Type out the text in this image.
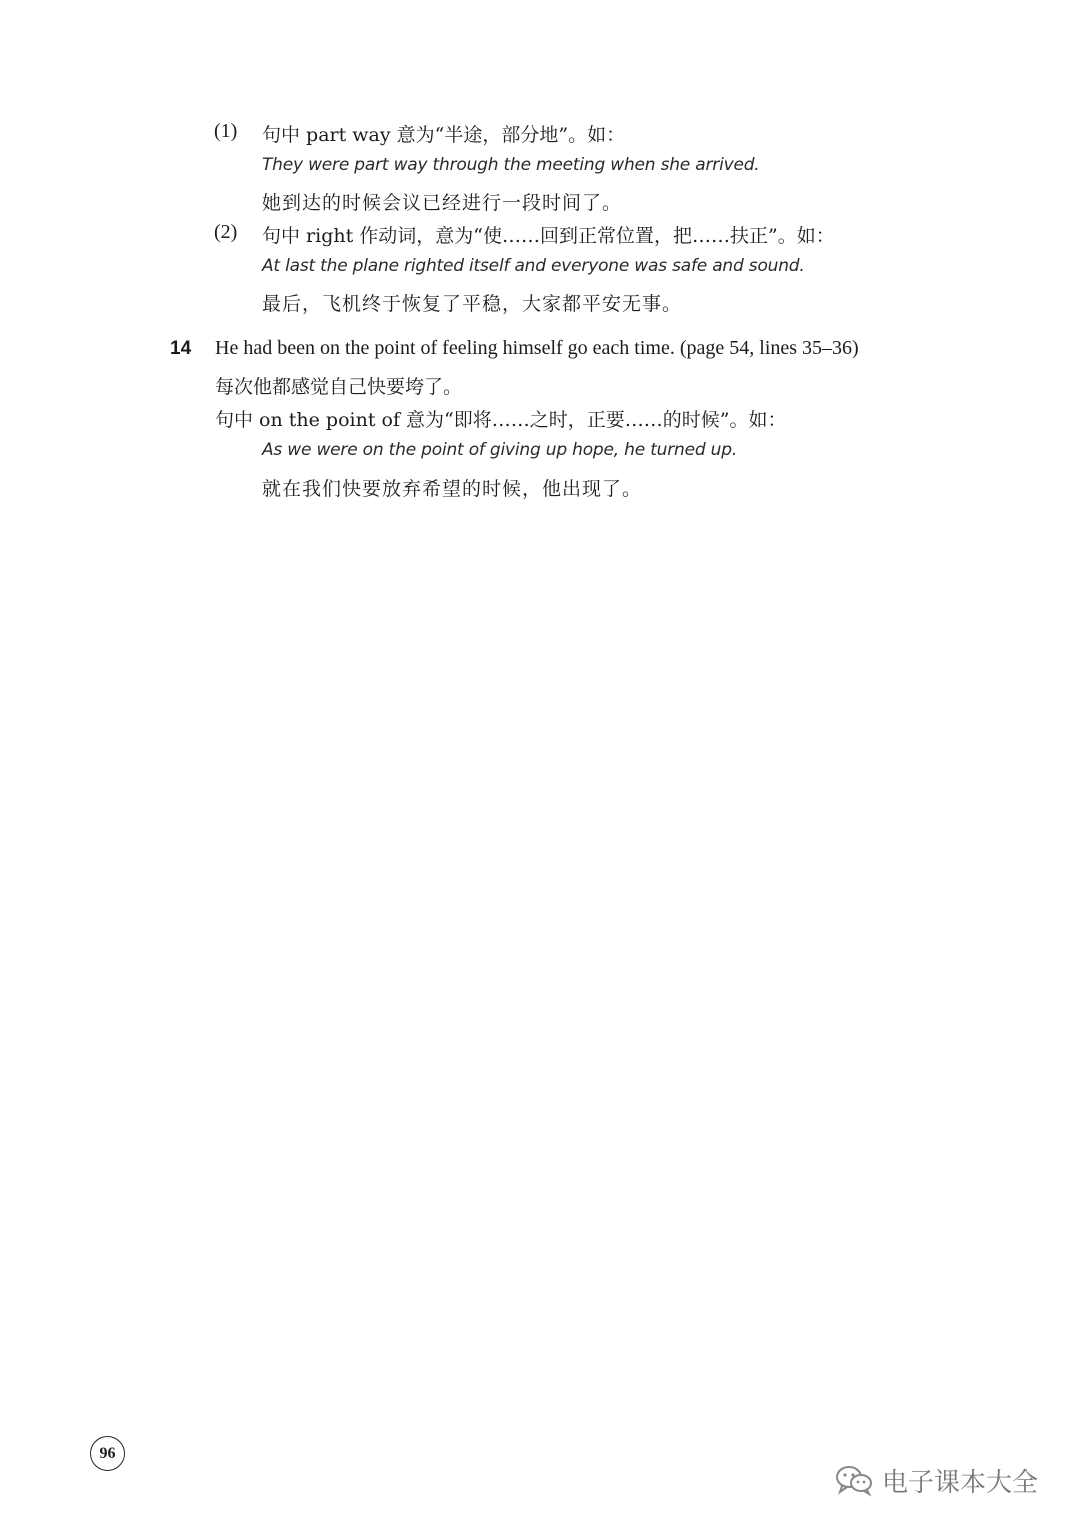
(1) 句中 part way 意为“半途，部分地”。如：
They were part way through the meeting when she arrived.
她到达的时候会议已经进行一段时间了。
(2) 句中 right 作动词，意为“使……回到正常位置，把……扶正”。如：
At last the plane righted itself and everyone was safe and sound.
最后，飞机终于恢复了平稳，大家都平安无事。
14 He had been on the point of feeling himself go each time. (page 54, lines 35–36)
每次他都感觉自己快要垮了。
句中 on the point of 意为“即将……之时，正要……的时候”。如：
As we were on the point of giving up hope, he turned up.
就在我们快要放弃希望的时候，他出现了。
96
电子课本大全
